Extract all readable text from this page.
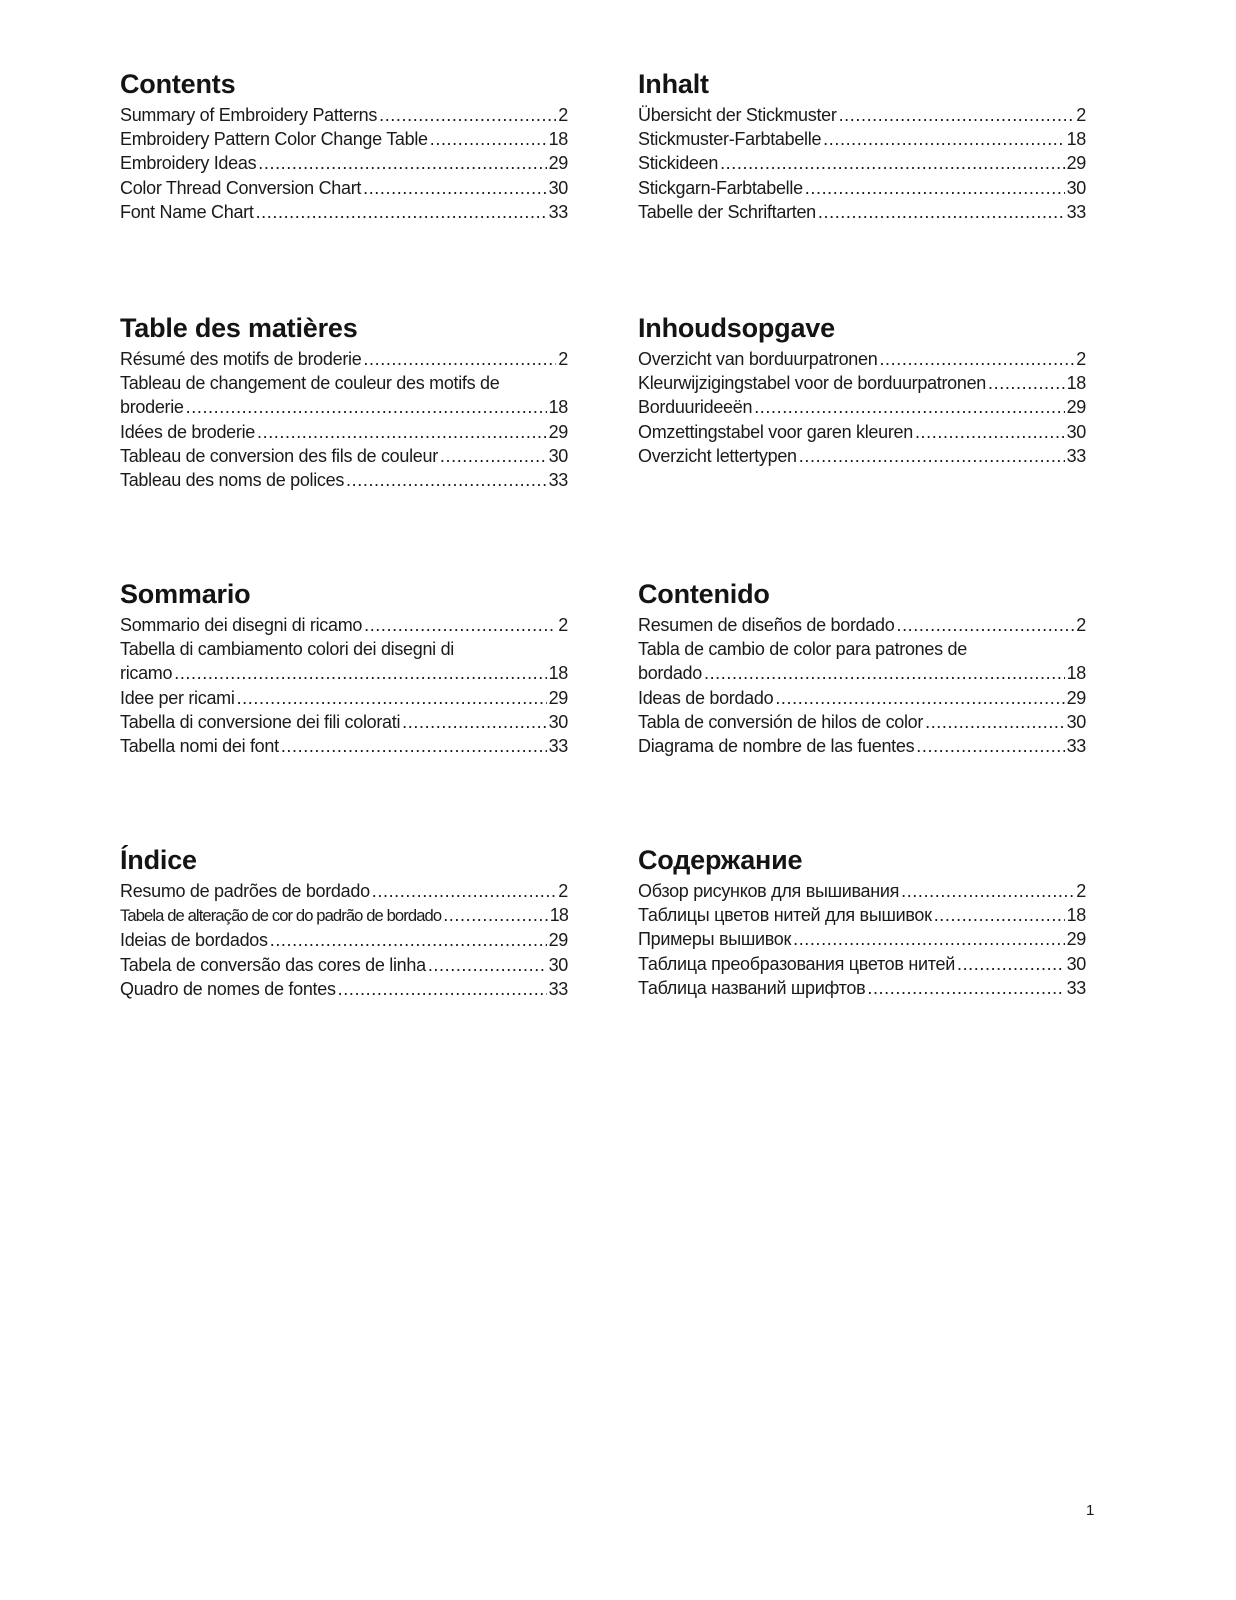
Contents
Summary of Embroidery Patterns .....	2
Embroidery Pattern Color Change Table .....	18
Embroidery Ideas .....	29
Color Thread Conversion Chart .....	30
Font Name Chart .....	33
Inhalt
Übersicht der Stickmuster .....	2
Stickmuster-Farbtabelle .....	18
Stickideen .....	29
Stickgarn-Farbtabelle .....	30
Tabelle der Schriftarten .....	33
Table des matières
Résumé des motifs de broderie .....	2
Tableau de changement de couleur des motifs de
broderie .....	18
Idées de broderie .....	29
Tableau de conversion des fils de couleur .....	30
Tableau des noms de polices .....	33
Inhoudsopgave
Overzicht van borduurpatronen .....	2
Kleurwijzigingstabel voor de borduurpatronen .....	18
Borduurideeën .....	29
Omzettingstabel voor garen kleuren .....	30
Overzicht lettertypen .....	33
Sommario
Sommario dei disegni di ricamo .....	2
Tabella di cambiamento colori dei disegni di
ricamo .....	18
Idee per ricami .....	29
Tabella di conversione dei fili colorati .....	30
Tabella nomi dei font .....	33
Contenido
Resumen de diseños de bordado .....	2
Tabla de cambio de color para patrones de
bordado .....	18
Ideas de bordado .....	29
Tabla de conversión de hilos de color .....	30
Diagrama de nombre de las fuentes .....	33
Índice
Resumo de padrões de bordado .....	2
Tabela de alteração de cor do padrão de bordado .....	18
Ideias de bordados .....	29
Tabela de conversão das cores de linha .....	30
Quadro de nomes de fontes .....	33
Содержание
Обзор рисунков для вышивания .....	2
Таблицы цветов нитей для вышивок .....	18
Примеры вышивок .....	29
Таблица преобразования цветов нитей .....	30
Таблица названий шрифтов .....	33
1
